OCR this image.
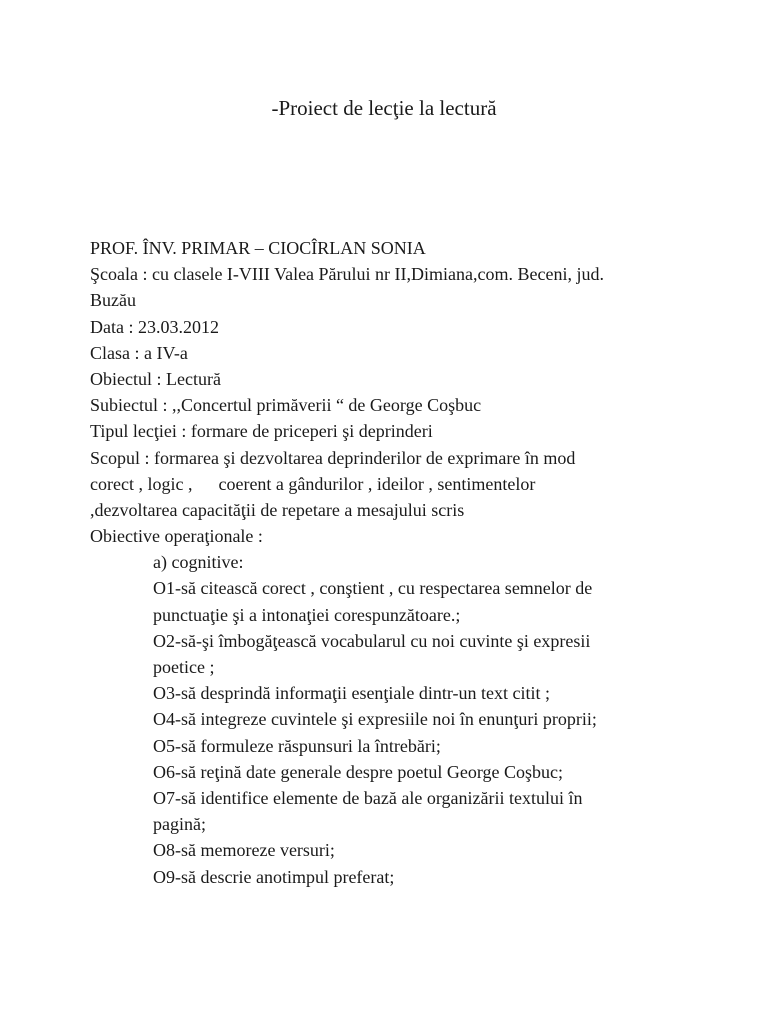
-Proiect de lecţie la lectură
PROF. ÎNV. PRIMAR – CIOCÎRLAN SONIA
Şcoala : cu clasele I-VIII Valea Părului nr II,Dimiana,com. Beceni, jud.
Buzău
Data : 23.03.2012
Clasa : a IV-a
Obiectul : Lectură
Subiectul : ,,Concertul primăverii “ de George Coşbuc
Tipul lecţiei : formare de priceperi şi deprinderi
Scopul : formarea şi dezvoltarea deprinderilor de exprimare în mod
corect , logic , coerent a gândurilor , ideilor , sentimentelor
,dezvoltarea capacităţii de repetare a mesajului scris
Obiective operaţionale :
a) cognitive:
O1-să citească corect , conştient , cu respectarea semnelor de
punctuaţie şi a intonaţiei corespunzătoare.;
O2-să-şi îmbogăţească vocabularul cu noi cuvinte şi expresii
poetice ;
O3-să desprindă informaţii esenţiale dintr-un text citit ;
O4-să integreze cuvintele şi expresiile noi în enunţuri proprii;
O5-să formuleze răspunsuri la întrebări;
O6-să reţină date generale despre poetul George Coşbuc;
O7-să identifice elemente de bază ale organizării textului în
pagină;
O8-să memoreze versuri;
O9-să descrie anotimpul preferat;
